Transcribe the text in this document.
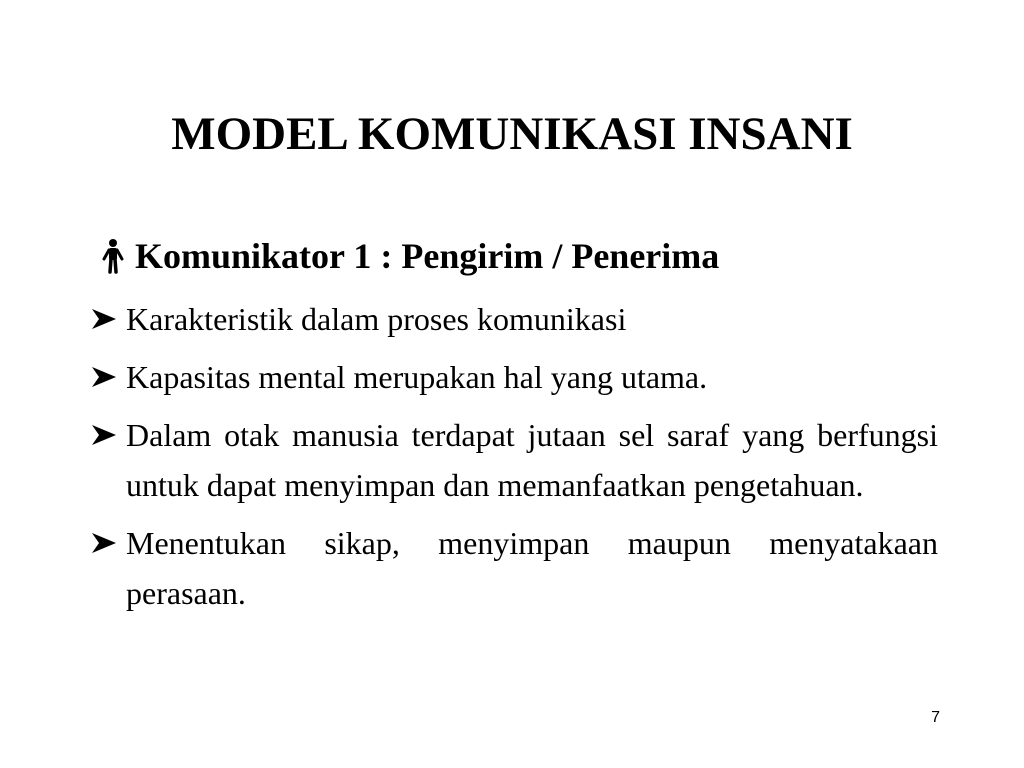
MODEL KOMUNIKASI INSANI
Komunikator 1 : Pengirim / Penerima
Karakteristik dalam proses komunikasi
Kapasitas mental merupakan hal yang utama.
Dalam otak manusia terdapat jutaan sel saraf yang berfungsi untuk dapat menyimpan dan memanfaatkan pengetahuan.
Menentukan sikap, menyimpan maupun menyatakaan perasaan.
7
